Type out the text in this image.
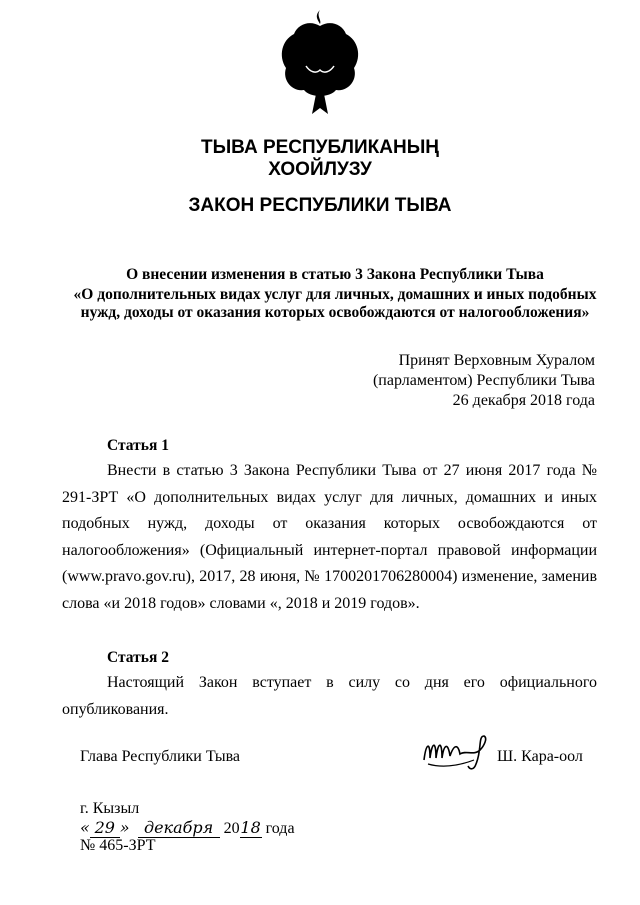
ТЫВА РЕСПУБЛИКАНЫҢ
ХООЙЛУЗУ
ЗАКОН РЕСПУБЛИКИ ТЫВА
О внесении изменения в статью 3 Закона Республики Тыва
«О дополнительных видах услуг для личных, домашних и иных подобных
нужд, доходы от оказания которых освобождаются от налогообложения»
Принят Верховным Хуралом
(парламентом) Республики Тыва
26 декабря 2018 года
Статья 1
Внести в статью 3 Закона Республики Тыва от 27 июня 2017 года № 291-ЗРТ «О дополнительных видах услуг для личных, домашних и иных подобных нужд, доходы от оказания которых освобождаются от налогообложения» (Официальный интернет-портал правовой информации (www.pravo.gov.ru), 2017, 28 июня, № 1700201706280004) изменение, заменив слова «и 2018 годов» словами «, 2018 и 2019 годов».
Статья 2
Настоящий Закон вступает в силу со дня его официального опубликования.
Глава Республики Тыва	Ш. Кара-оол
г. Кызыл
« 29 » декабря 2018 года
№ 465-ЗРТ
